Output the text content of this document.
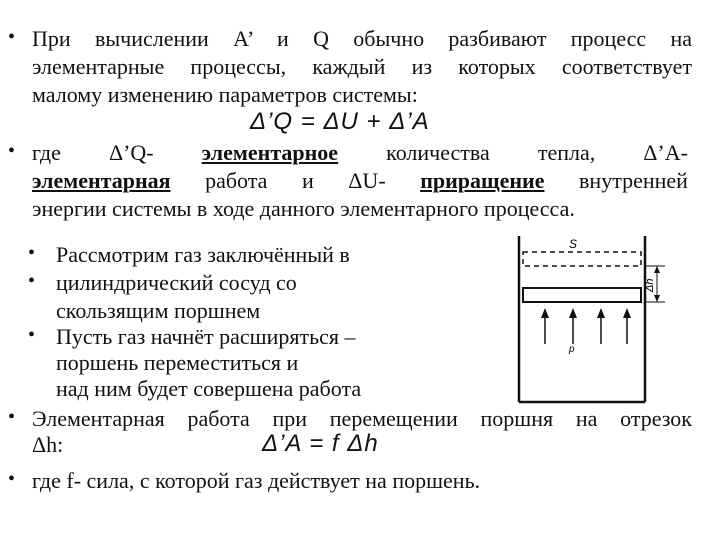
• При вычислении А’ и Q обычно разбивают процесс на
элементарные процессы, каждый из которых соответствует
малому изменению параметров системы:
Δ’Q = ΔU + Δ’A
• где Δ’Q- элементарное количества тепла, Δ’A-
элементарная работа и ΔU- приращение внутренней
энергии системы в ходе данного элементарного процесса.
• Рассмотрим газ заключённый в
• цилиндрический сосуд со
скользящим поршнем
• Пусть газ начнёт расширяться –
поршень переместиться и
над ним будет совершена работа
• Элементарная работа при перемещении поршня на отрезок
Δh:	Δ’A = f Δh
• где f- сила, с которой газ действует на поршень.
S
Δh
p
